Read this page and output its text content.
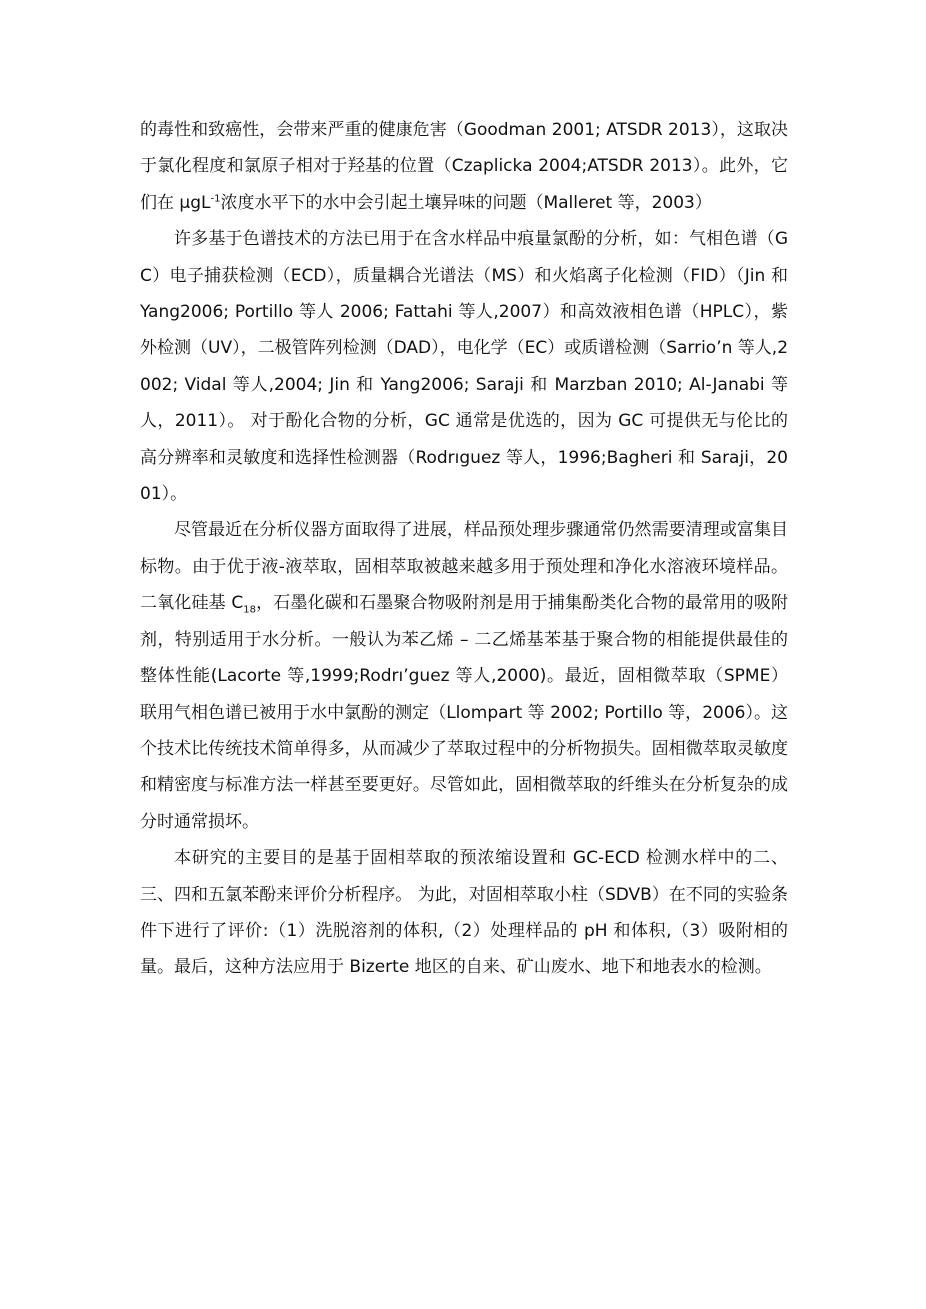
的毒性和致癌性，会带来严重的健康危害（Goodman 2001; ATSDR 2013），这取决于氯化程度和氯原子相对于羟基的位置（Czaplicka 2004;ATSDR 2013）。此外，它们在 μgL$^{-1}$浓度水平下的水中会引起土壤异味的问题（Malleret 等，2003）

许多基于色谱技术的方法已用于在含水样品中痕量氯酚的分析，如：气相色谱（GC）电子捕获检测（ECD），质量耦合光谱法（MS）和火焰离子化检测（FID）（Jin 和 Yang2006; Portillo 等人 2006; Fattahi 等人,2007）和高效液相色谱（HPLC），紫外检测（UV），二极管阵列检测（DAD），电化学（EC）或质谱检测（Sarrio’n 等人,2002; Vidal 等人,2004; Jin 和 Yang2006; Saraji 和 Marzban 2010; Al-Janabi 等人，2011）。 对于酚化合物的分析，GC 通常是优选的，因为 GC 可提供无与伦比的高分辨率和灵敏度和选择性检测器（Rodrıguez 等人，1996;Bagheri 和 Saraji，2001）。

尽管最近在分析仪器方面取得了进展，样品预处理步骤通常仍然需要清理或富集目标物。由于优于液-液萃取，固相萃取被越来越多用于预处理和净化水溶液环境样品。二氧化硅基 $C_{18}$，石墨化碳和石墨聚合物吸附剂是用于捕集酚类化合物的最常用的吸附剂，特别适用于水分析。一般认为苯乙烯 – 二乙烯基苯基于聚合物的相能提供最佳的整体性能(Lacorte 等,1999;Rodrı’guez 等人,2000)。最近，固相微萃取（SPME）联用气相色谱已被用于水中氯酚的测定（Llompart 等 2002; Portillo 等，2006）。这个技术比传统技术简单得多，从而减少了萃取过程中的分析物损失。固相微萃取灵敏度和精密度与标准方法一样甚至要更好。尽管如此，固相微萃取的纤维头在分析复杂的成分时通常损坏。

本研究的主要目的是基于固相萃取的预浓缩设置和 GC-ECD 检测水样中的二、三、四和五氯苯酚来评价分析程序。 为此，对固相萃取小柱（SDVB）在不同的实验条件下进行了评价:（1）洗脱溶剂的体积,（2）处理样品的 pH 和体积,（3）吸附相的量。最后，这种方法应用于 Bizerte 地区的自来、矿山废水、地下和地表水的检测。
